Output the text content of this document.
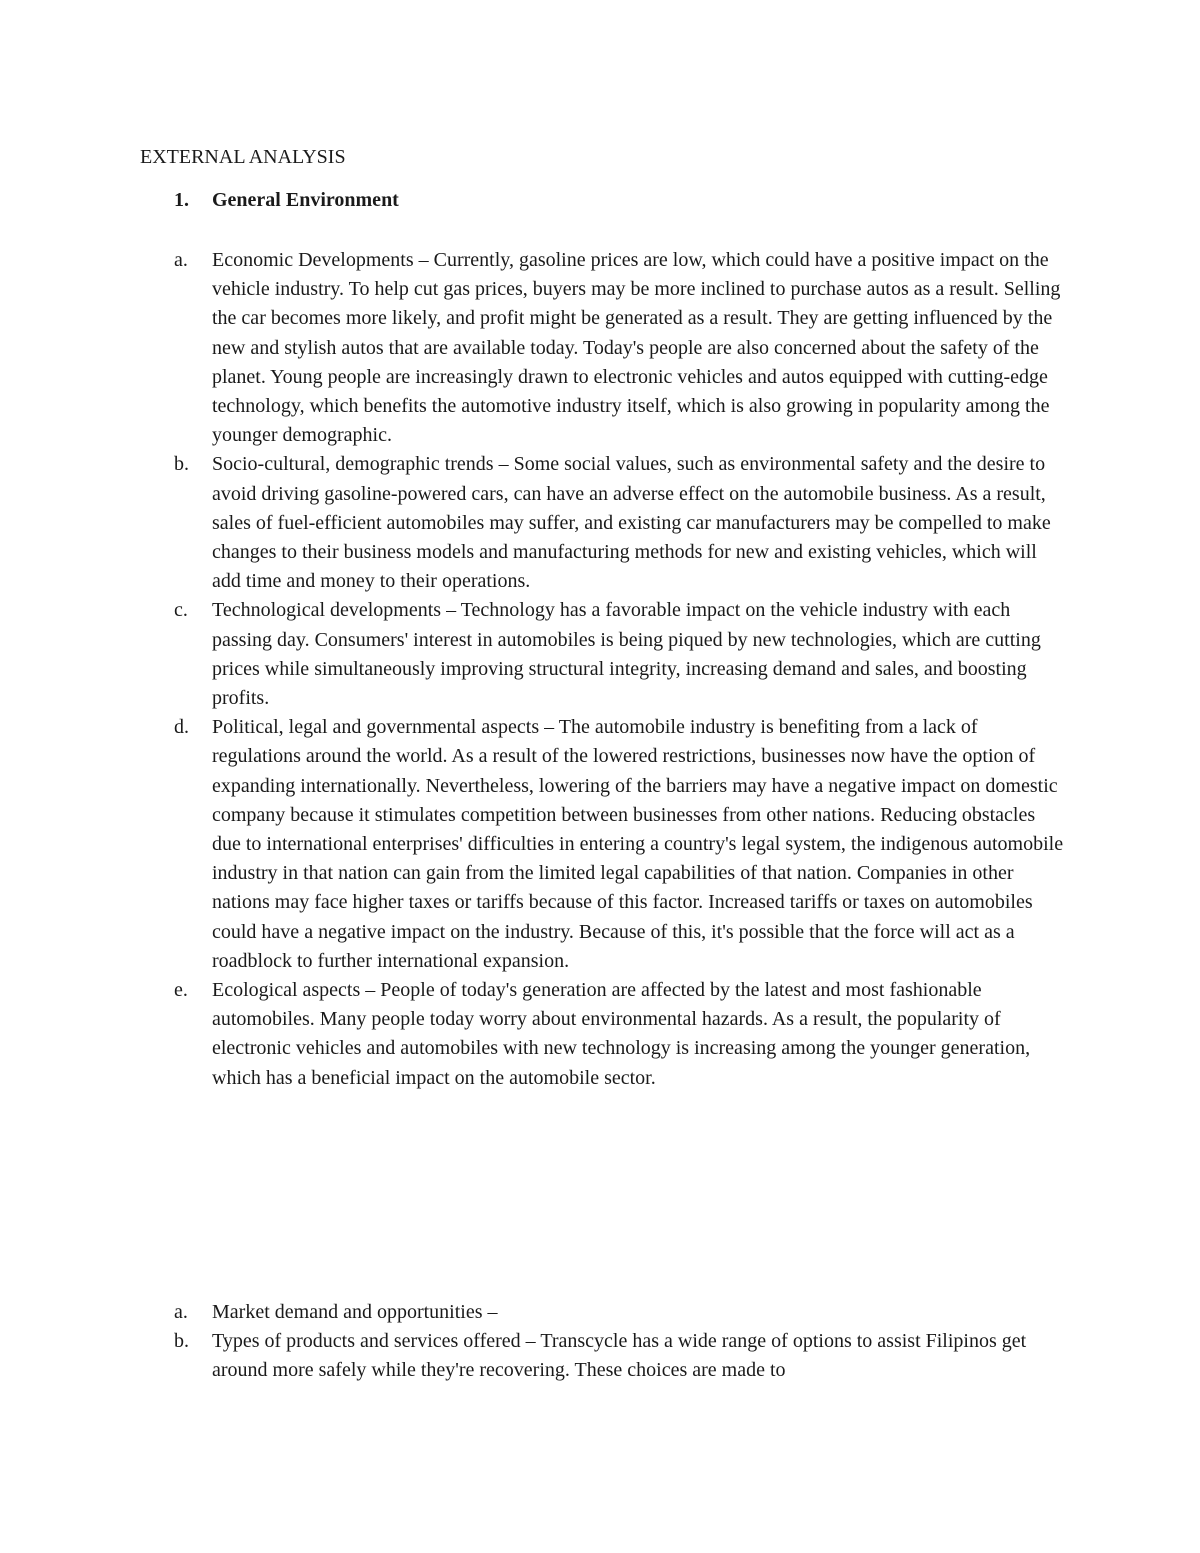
EXTERNAL ANALYSIS
1. General Environment
a. Economic Developments – Currently, gasoline prices are low, which could have a positive impact on the vehicle industry. To help cut gas prices, buyers may be more inclined to purchase autos as a result. Selling the car becomes more likely, and profit might be generated as a result. They are getting influenced by the new and stylish autos that are available today. Today's people are also concerned about the safety of the planet. Young people are increasingly drawn to electronic vehicles and autos equipped with cutting-edge technology, which benefits the automotive industry itself, which is also growing in popularity among the younger demographic.
b. Socio-cultural, demographic trends – Some social values, such as environmental safety and the desire to avoid driving gasoline-powered cars, can have an adverse effect on the automobile business. As a result, sales of fuel-efficient automobiles may suffer, and existing car manufacturers may be compelled to make changes to their business models and manufacturing methods for new and existing vehicles, which will add time and money to their operations.
c. Technological developments – Technology has a favorable impact on the vehicle industry with each passing day. Consumers' interest in automobiles is being piqued by new technologies, which are cutting prices while simultaneously improving structural integrity, increasing demand and sales, and boosting profits.
d. Political, legal and governmental aspects – The automobile industry is benefiting from a lack of regulations around the world. As a result of the lowered restrictions, businesses now have the option of expanding internationally. Nevertheless, lowering of the barriers may have a negative impact on domestic company because it stimulates competition between businesses from other nations. Reducing obstacles due to international enterprises' difficulties in entering a country's legal system, the indigenous automobile industry in that nation can gain from the limited legal capabilities of that nation. Companies in other nations may face higher taxes or tariffs because of this factor. Increased tariffs or taxes on automobiles could have a negative impact on the industry. Because of this, it's possible that the force will act as a roadblock to further international expansion.
e. Ecological aspects – People of today's generation are affected by the latest and most fashionable automobiles. Many people today worry about environmental hazards. As a result, the popularity of electronic vehicles and automobiles with new technology is increasing among the younger generation, which has a beneficial impact on the automobile sector.
a. Market demand and opportunities –
b. Types of products and services offered – Transcycle has a wide range of options to assist Filipinos get around more safely while they're recovering. These choices are made to
